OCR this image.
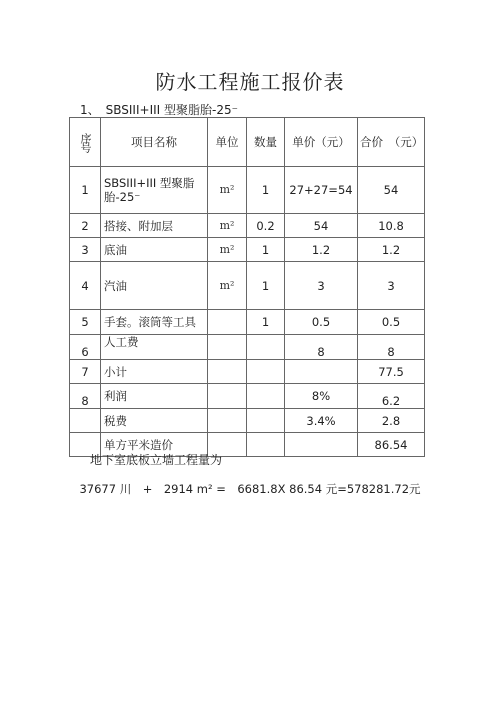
防水工程施工报价表
1、　SBSIII+III 型聚脂胎-25⁻
序号	项目名称	单位	数量	单价（元）	合价　（元）
1	SBSIII+III 型聚脂 胎-25⁻	m²	1	27+27=54	54
2	搭接、附加层	m²	0.2	54	10.8
3	底油	m²	1	1.2	1.2
4	汽油	m²	1	3	3
5	手套。滚筒等工具		1	0.5	0.5
6	人工费			8	8
7	小计				77.5
8	利润			8%	6.2
	税费			3.4%	2.8
	单方平米造价				86.54
地下室底板立墙工程量为
37677 川　+　2914 m² =　6681.8X 86.54 元=578281.72元
